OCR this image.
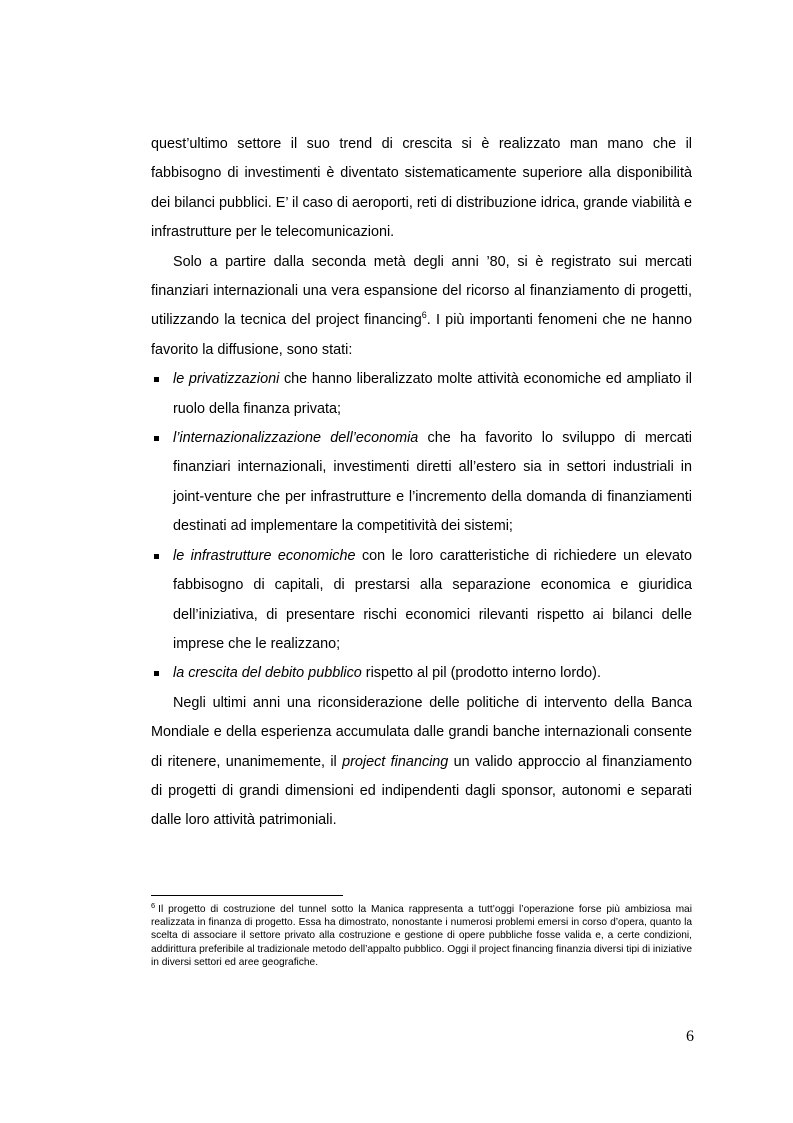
quest’ultimo settore il suo trend di crescita si è realizzato man mano che il fabbisogno di investimenti è diventato sistematicamente superiore alla disponibilità dei bilanci pubblici. E’ il caso di aeroporti, reti di distribuzione idrica, grande viabilità e infrastrutture per le telecomunicazioni.

Solo a partire dalla seconda metà degli anni ’80, si è registrato sui mercati finanziari internazionali una vera espansione del ricorso al finanziamento di progetti, utilizzando la tecnica del project financing$^6$. I più importanti fenomeni che ne hanno favorito la diffusione, sono stati:

le privatizzazioni che hanno liberalizzato molte attività economiche ed ampliato il ruolo della finanza privata;
l’internazionalizzazione dell’economia che ha favorito lo sviluppo di mercati finanziari internazionali, investimenti diretti all’estero sia in settori industriali in joint-venture che per infrastrutture e l’incremento della domanda di finanziamenti destinati ad implementare la competitività dei sistemi;
le infrastrutture economiche con le loro caratteristiche di richiedere un elevato fabbisogno di capitali, di prestarsi alla separazione economica e giuridica dell’iniziativa, di presentare rischi economici rilevanti rispetto ai bilanci delle imprese che le realizzano;
la crescita del debito pubblico rispetto al pil (prodotto interno lordo).

Negli ultimi anni una riconsiderazione delle politiche di intervento della Banca Mondiale e della esperienza accumulata dalle grandi banche internazionali consente di ritenere, unanimemente, il project financing un valido approccio al finanziamento di progetti di grandi dimensioni ed indipendenti dagli sponsor, autonomi e separati dalle loro attività patrimoniali.

$^6$ Il progetto di costruzione del tunnel sotto la Manica rappresenta a tutt’oggi l’operazione forse più ambiziosa mai realizzata in finanza di progetto. Essa ha dimostrato, nonostante i numerosi problemi emersi in corso d’opera, quanto la scelta di associare il settore privato alla costruzione e gestione di opere pubbliche fosse valida e, a certe condizioni, addirittura preferibile al tradizionale metodo dell’appalto pubblico. Oggi il project financing finanzia diversi tipi di iniziative in diversi settori ed aree geografiche.
6
